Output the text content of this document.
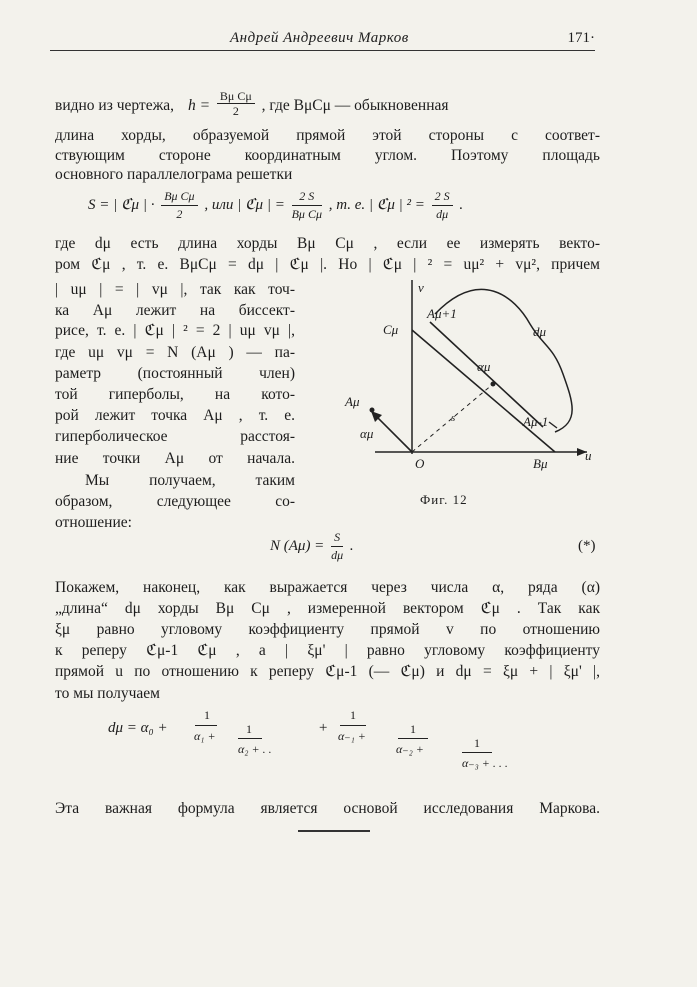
Андрей Андреевич Марков	171·
видно из чертежа, $h = \frac{\text{Bμ Cμ}}{2}$ , где BμCμ — обыкновенная
длина хорды, образуемой прямой этой стороны с соответ-
ствующим стороне координатным углом. Поэтому площадь
основного параллелограма решетки
S = | ℭμ | · $\frac{\text{Bμ Cμ}}{2}$ , или | ℭμ | = $\frac{2 S}{\text{Bμ Cμ}}$ , т. е. | ℭμ | $^2 = \frac{2 S}{d\mu}$ .
где dμ есть длина хорды Bμ Cμ , если ее измерять векто-
ром ℭμ , т. е. BμCμ = dμ | ℭμ |. Но | ℭμ | ² = uμ² + vμ², причем
| uμ | = | vμ |, так как точ-
ка Aμ лежит на биссект-
рисе, т. е. | ℭμ | ² = 2 | uμ vμ |,
где uμ vμ = N (Aμ ) — па-
раметр (постоянный член)
той гиперболы, на кото-
рой лежит точка Aμ , т. е.
гиперболическое расстоя-
ние точки Aμ от начала.
Мы получаем, таким
образом, следующее со-
отношение:
v
u
O
Cμ
Aμ+1
dμ
αμ
Aμ
αμ
Aμ-1
Bμ
s
Фиг. 12
N $(A\mu) = \frac{S}{d\mu}$ .	(*)
Покажем, наконец, как выражается через числа α, ряда (α)
„длина“ dμ хорды Bμ Cμ , измеренной вектором ℭμ . Так как
ξμ равно угловому коэффициенту прямой v по отношению
к реперу ℭμ-1 ℭμ , а | ξμ' | равно угловому коэффициенту
прямой u по отношению к реперу ℭμ-1 (— ℭμ) и dμ = ξμ + | ξμ' |,
то мы получаем
dμ = α₀ +
1
α₁ +	1
α₂ + . .
+
1
α₋₁ +	1
α₋₂ +	1
α₋₃ + . . .
Эта важная формула является основой исследования Маркова.
